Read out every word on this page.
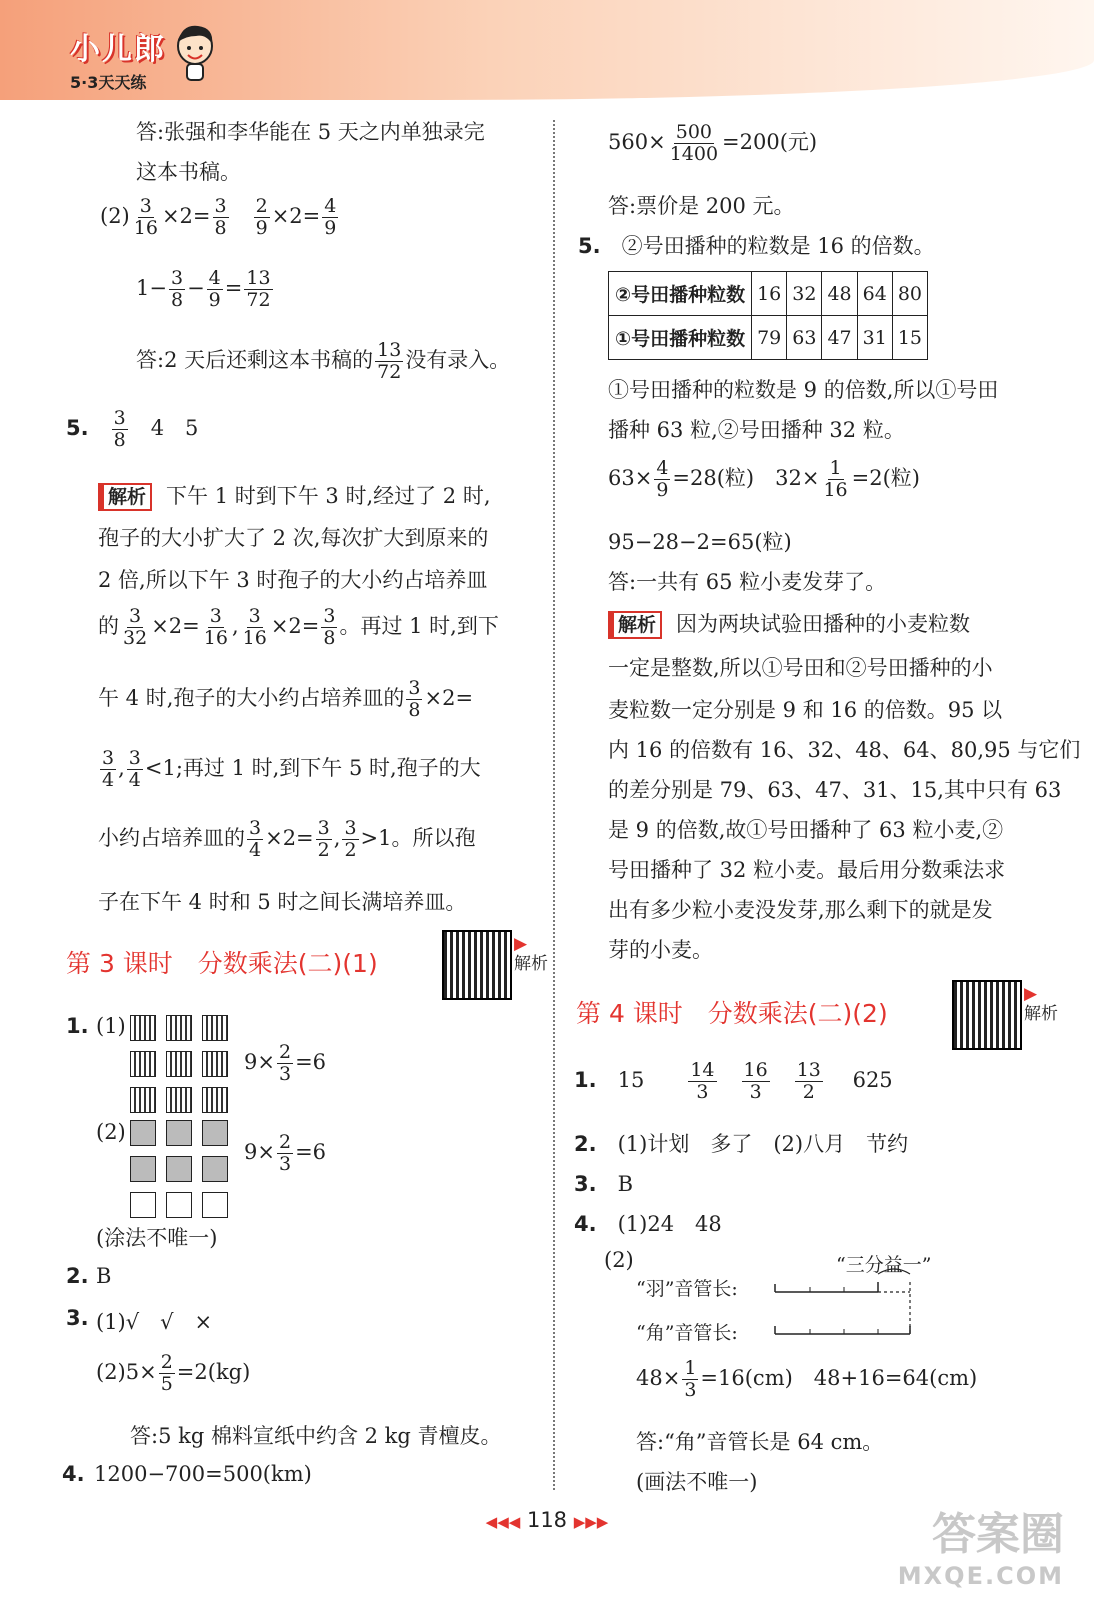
小儿郎
5·3天天练
答:张强和李华能在 5 天之内单独录完
这本书稿。
$(2) \frac{3}{16} \times 2= \frac{3}{8}$
　 $\frac{2}{9} \times 2= \frac{4}{9}$
$1- \frac{3}{8} - \frac{4}{9} = \frac{13}{72}$
答:2 天后还剩这本书稿的 $\frac{13}{72}$ 没有录入。
5.　 $\frac{3}{8}$
　 4　5
解析 下午 1 时到下午 3 时,经过了 2 时,
孢子的大小扩大了 2 次,每次扩大到原来的
2 倍,所以下午 3 时孢子的大小约占培养皿
的 $\frac{3}{32} \times 2= \frac{3}{16}$ , $\frac{3}{16} \times 2= \frac{3}{8}$ 。再过 1 时,到下
午 4 时,孢子的大小约占培养皿的 $\frac{3}{8} \times 2=$
$\frac{3}{4}$ , $\frac{3}{4} <1$;再过 1 时,到下午 5 时,孢子的大
小约占培养皿的 $\frac{3}{4} \times 2= \frac{3}{2}$ , $\frac{3}{2} >1$。所以孢
子在下午 4 时和 5 时之间长满培养皿。
第 3 课时　分数乘法(二)(1)
▶
解析
1. (1)
$9\times \frac{2}{3} =6$
(2)
$9\times \frac{2}{3} =6$
(涂法不唯一)
2. B
3. (1)√　√　×
$(2)5\times \frac{2}{5} =2(kg)$
答:5 kg 棉料宣纸中约含 2 kg 青檀皮。
4. 1200−700=500(km)
$560\times \frac{500}{1400} =200$(元)
答:票价是 200 元。
5.　 ②号田播种的粒数是 16 的倍数。
②号田播种粒数	16	32	48	64	80
①号田播种粒数	79	63	47	31	15
①号田播种的粒数是 9 的倍数,所以①号田
播种 63 粒,②号田播种 32 粒。
$63\times \frac{4}{9} =28$(粒)　$32\times \frac{1}{16} =2$(粒)
95−28−2=65(粒)
答:一共有 65 粒小麦发芽了。
解析 因为两块试验田播种的小麦粒数
一定是整数,所以①号田和②号田播种的小
麦粒数一定分别是 9 和 16 的倍数。95 以
内 16 的倍数有 16、32、48、64、80,95 与它们
的差分别是 79、63、47、31、15,其中只有 63
是 9 的倍数,故①号田播种了 63 粒小麦,②
号田播种了 32 粒小麦。最后用分数乘法求
出有多少粒小麦没发芽,那么剩下的就是发
芽的小麦。
第 4 课时　分数乘法(二)(2)
▶
解析
1.　 15　　 $\frac{14}{3}$
　 $\frac{16}{3}$
　 $\frac{13}{2}$
　 625
2.　 (1)计划　多了　(2)八月　节约
3.　 B
4.　 (1)24　48
(2)	“三分益一”
“羽”音管长:
“角”音管长:
$48\times \frac{1}{3} =16(cm)$　48+16=64(cm)
答:“角”音管长是 64 cm。
(画法不唯一)
◀◀◀ 118 ▶▶▶	答案圈
MXQE.COM
